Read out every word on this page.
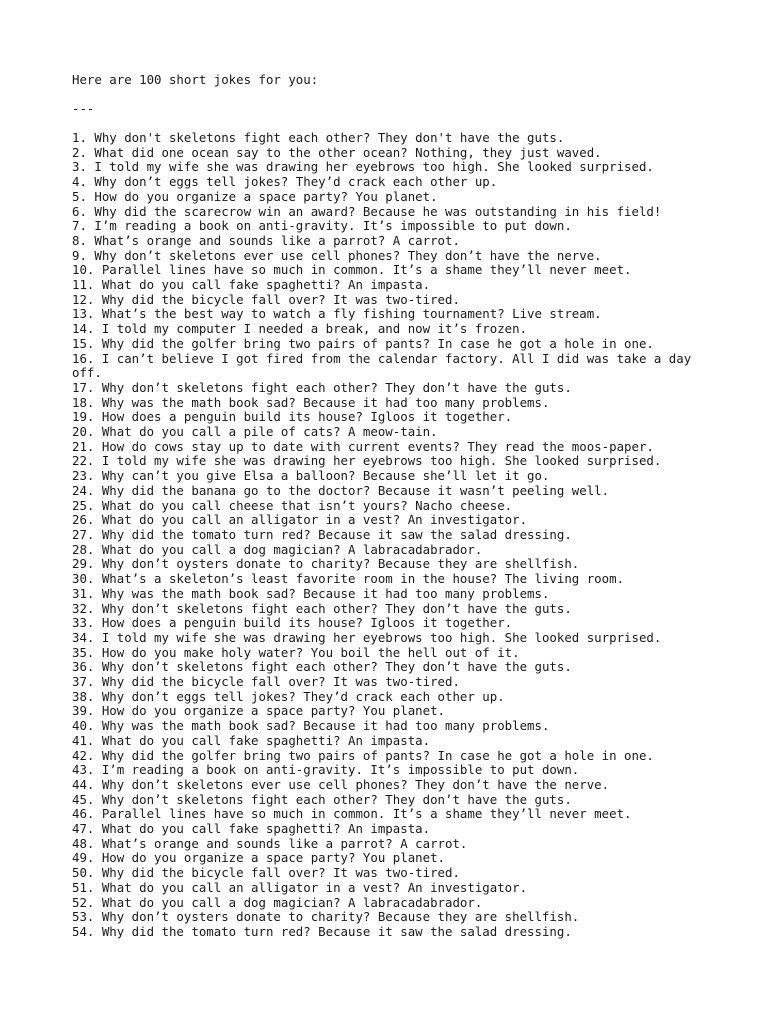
Here are 100 short jokes for you:
---
1. Why don't skeletons fight each other? They don't have the guts.
2. What did one ocean say to the other ocean? Nothing, they just waved.
3. I told my wife she was drawing her eyebrows too high. She looked surprised.
4. Why don’t eggs tell jokes? They’d crack each other up.
5. How do you organize a space party? You planet.
6. Why did the scarecrow win an award? Because he was outstanding in his field!
7. I’m reading a book on anti-gravity. It’s impossible to put down.
8. What’s orange and sounds like a parrot? A carrot.
9. Why don’t skeletons ever use cell phones? They don’t have the nerve.
10. Parallel lines have so much in common. It’s a shame they’ll never meet.
11. What do you call fake spaghetti? An impasta.
12. Why did the bicycle fall over? It was two-tired.
13. What’s the best way to watch a fly fishing tournament? Live stream.
14. I told my computer I needed a break, and now it’s frozen.
15. Why did the golfer bring two pairs of pants? In case he got a hole in one.
16. I can’t believe I got fired from the calendar factory. All I did was take a day off.
17. Why don’t skeletons fight each other? They don’t have the guts.
18. Why was the math book sad? Because it had too many problems.
19. How does a penguin build its house? Igloos it together.
20. What do you call a pile of cats? A meow-tain.
21. How do cows stay up to date with current events? They read the moos-paper.
22. I told my wife she was drawing her eyebrows too high. She looked surprised.
23. Why can’t you give Elsa a balloon? Because she’ll let it go.
24. Why did the banana go to the doctor? Because it wasn’t peeling well.
25. What do you call cheese that isn’t yours? Nacho cheese.
26. What do you call an alligator in a vest? An investigator.
27. Why did the tomato turn red? Because it saw the salad dressing.
28. What do you call a dog magician? A labracadabrador.
29. Why don’t oysters donate to charity? Because they are shellfish.
30. What’s a skeleton’s least favorite room in the house? The living room.
31. Why was the math book sad? Because it had too many problems.
32. Why don’t skeletons fight each other? They don’t have the guts.
33. How does a penguin build its house? Igloos it together.
34. I told my wife she was drawing her eyebrows too high. She looked surprised.
35. How do you make holy water? You boil the hell out of it.
36. Why don’t skeletons fight each other? They don’t have the guts.
37. Why did the bicycle fall over? It was two-tired.
38. Why don’t eggs tell jokes? They’d crack each other up.
39. How do you organize a space party? You planet.
40. Why was the math book sad? Because it had too many problems.
41. What do you call fake spaghetti? An impasta.
42. Why did the golfer bring two pairs of pants? In case he got a hole in one.
43. I’m reading a book on anti-gravity. It’s impossible to put down.
44. Why don’t skeletons ever use cell phones? They don’t have the nerve.
45. Why don’t skeletons fight each other? They don’t have the guts.
46. Parallel lines have so much in common. It’s a shame they’ll never meet.
47. What do you call fake spaghetti? An impasta.
48. What’s orange and sounds like a parrot? A carrot.
49. How do you organize a space party? You planet.
50. Why did the bicycle fall over? It was two-tired.
51. What do you call an alligator in a vest? An investigator.
52. What do you call a dog magician? A labracadabrador.
53. Why don’t oysters donate to charity? Because they are shellfish.
54. Why did the tomato turn red? Because it saw the salad dressing.
